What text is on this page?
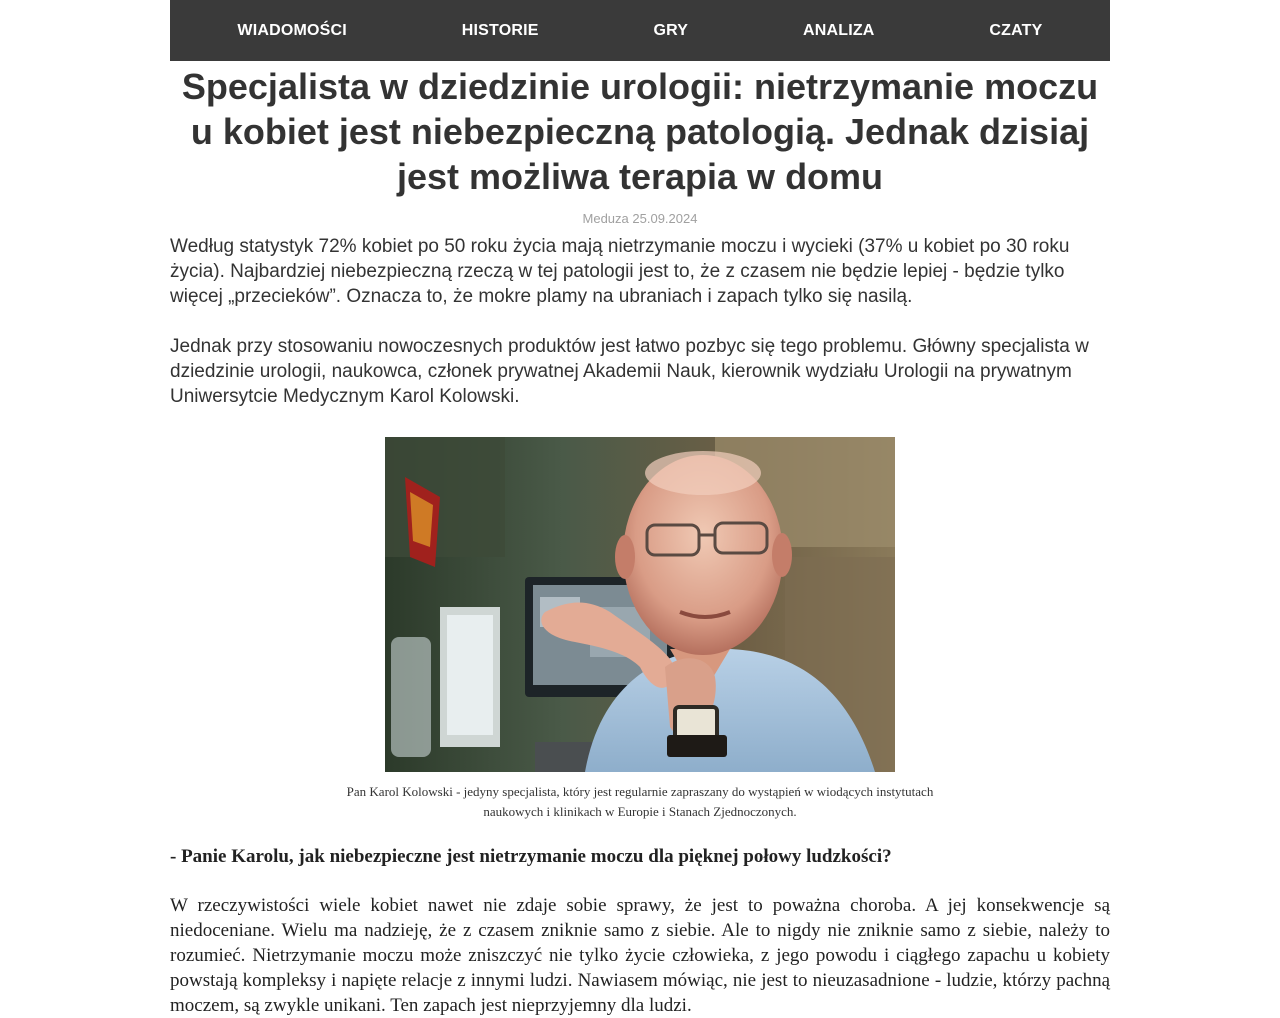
WIADOMOŚCI	HISTORIE	GRY	ANALIZA	CZATY
Specjalista w dziedzinie urologii: nietrzymanie moczu u kobiet jest niebezpieczną patologią. Jednak dzisiaj jest możliwa terapia w domu
Meduza 25.09.2024

Według statystyk 72% kobiet po 50 roku życia mają nietrzymanie moczu i wycieki (37% u kobiet po 30 roku życia). Najbardziej niebezpieczną rzeczą w tej patologii jest to, że z czasem nie będzie lepiej - będzie tylko więcej „przecieków”. Oznacza to, że mokre plamy na ubraniach i zapach tylko się nasilą.

Jednak przy stosowaniu nowoczesnych produktów jest łatwo pozbyc się tego problemu. Główny specjalista w dziedzinie urologii, naukowca, członek prywatnej Akademii Nauk, kierownik wydziału Urologii na prywatnym Uniwersytcie Medycznym Karol Kolowski.

Pan Karol Kolowski - jedyny specjalista, który jest regularnie zapraszany do wystąpień w wiodących instytutach naukowych i klinikach w Europie i Stanach Zjednoczonych.

- Panie Karolu, jak niebezpieczne jest nietrzymanie moczu dla pięknej połowy ludzkości?

W rzeczywistości wiele kobiet nawet nie zdaje sobie sprawy, że jest to poważna choroba. A jej konsekwencje są niedoceniane. Wielu ma nadzieję, że z czasem zniknie samo z siebie. Ale to nigdy nie zniknie samo z siebie, należy to rozumieć. Nietrzymanie moczu może zniszczyć nie tylko życie człowieka, z jego powodu i ciągłego zapachu u kobiety powstają kompleksy i napięte relacje z innymi ludzi. Nawiasem mówiąc, nie jest to nieuzasadnione - ludzie, którzy pachną moczem, są zwykle unikani. Ten zapach jest nieprzyjemny dla ludzi.
